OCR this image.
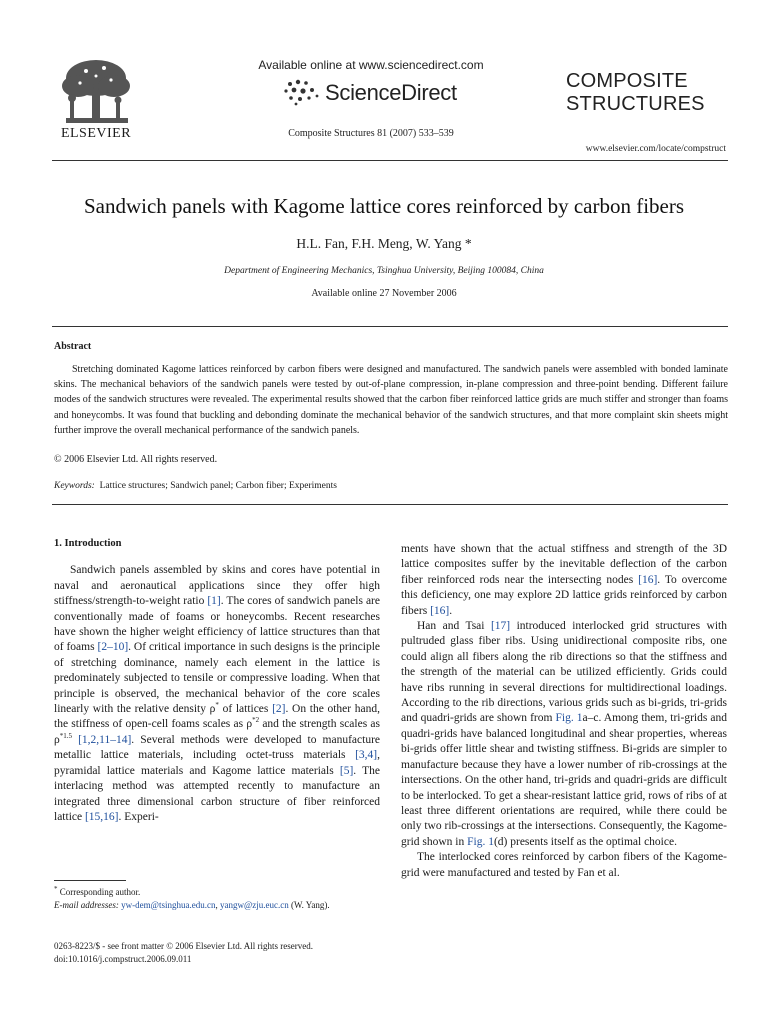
ELSEVIER
Available online at www.sciencedirect.com
ScienceDirect
Composite Structures 81 (2007) 533–539
COMPOSITE
STRUCTURES
www.elsevier.com/locate/compstruct
Sandwich panels with Kagome lattice cores reinforced by carbon fibers
H.L. Fan, F.H. Meng, W. Yang *
Department of Engineering Mechanics, Tsinghua University, Beijing 100084, China
Available online 27 November 2006
Abstract
Stretching dominated Kagome lattices reinforced by carbon fibers were designed and manufactured. The sandwich panels were assembled with bonded laminate skins. The mechanical behaviors of the sandwich panels were tested by out-of-plane compression, in-plane compression and three-point bending. Different failure modes of the sandwich structures were revealed. The experimental results showed that the carbon fiber reinforced lattice grids are much stiffer and stronger than foams and honeycombs. It was found that buckling and debonding dominate the mechanical behavior of the sandwich structures, and that more complaint skin sheets might further improve the overall mechanical performance of the sandwich panels.
© 2006 Elsevier Ltd. All rights reserved.
Keywords: Lattice structures; Sandwich panel; Carbon fiber; Experiments
1. Introduction

Sandwich panels assembled by skins and cores have potential in naval and aeronautical applications since they offer high stiffness/strength-to-weight ratio [1]. The cores of sandwich panels are conventionally made of foams or honeycombs. Recent researches have shown the higher weight efficiency of lattice structures than that of foams [2–10]. Of critical importance in such designs is the principle of stretching dominance, namely each element in the lattice is predominately subjected to tensile or compressive loading. When that principle is observed, the mechanical behavior of the core scales linearly with the relative density ρ* of lattices [2]. On the other hand, the stiffness of open-cell foams scales as $\rho^{*2}$ and the strength scales as $\rho^{*1.5}$ [1,2,11–14]. Several methods were developed to manufacture metallic lattice materials, including octet-truss materials [3,4], pyramidal lattice materials and Kagome lattice materials [5]. The interlacing method was attempted recently to manufacture an integrated three dimensional carbon structure of fiber reinforced lattice [15,16]. Experi-

ments have shown that the actual stiffness and strength of the 3D lattice composites suffer by the inevitable deflection of the carbon fiber reinforced rods near the intersecting nodes [16]. To overcome this deficiency, one may explore 2D lattice grids reinforced by carbon fibers [16].

Han and Tsai [17] introduced interlocked grid structures with pultruded glass fiber ribs. Using unidirectional composite ribs, one could align all fibers along the rib directions so that the stiffness and the strength of the material can be utilized efficiently. Grids could have ribs running in several directions for multidirectional loadings. According to the rib directions, various grids such as bi-grids, tri-grids and quadri-grids are shown from Fig. 1a–c. Among them, tri-grids and quadri-grids have balanced longitudinal and shear properties, whereas bi-grids offer little shear and twisting stiffness. Bi-grids are simpler to manufacture because they have a lower number of rib-crossings at the intersections. On the other hand, tri-grids and quadri-grids are difficult to be interlocked. To get a shear-resistant lattice grid, rows of ribs of at least three different orientations are required, while there could be only two rib-crossings at the intersections. Consequently, the Kagome-grid shown in Fig. 1(d) presents itself as the optimal choice.

The interlocked cores reinforced by carbon fibers of the Kagome-grid were manufactured and tested by Fan et al.

* Corresponding author.
E-mail addresses: yw-dem@tsinghua.edu.cn, yangw@zju.euc.cn (W. Yang).
0263-8223/$ - see front matter © 2006 Elsevier Ltd. All rights reserved.
doi:10.1016/j.compstruct.2006.09.011
